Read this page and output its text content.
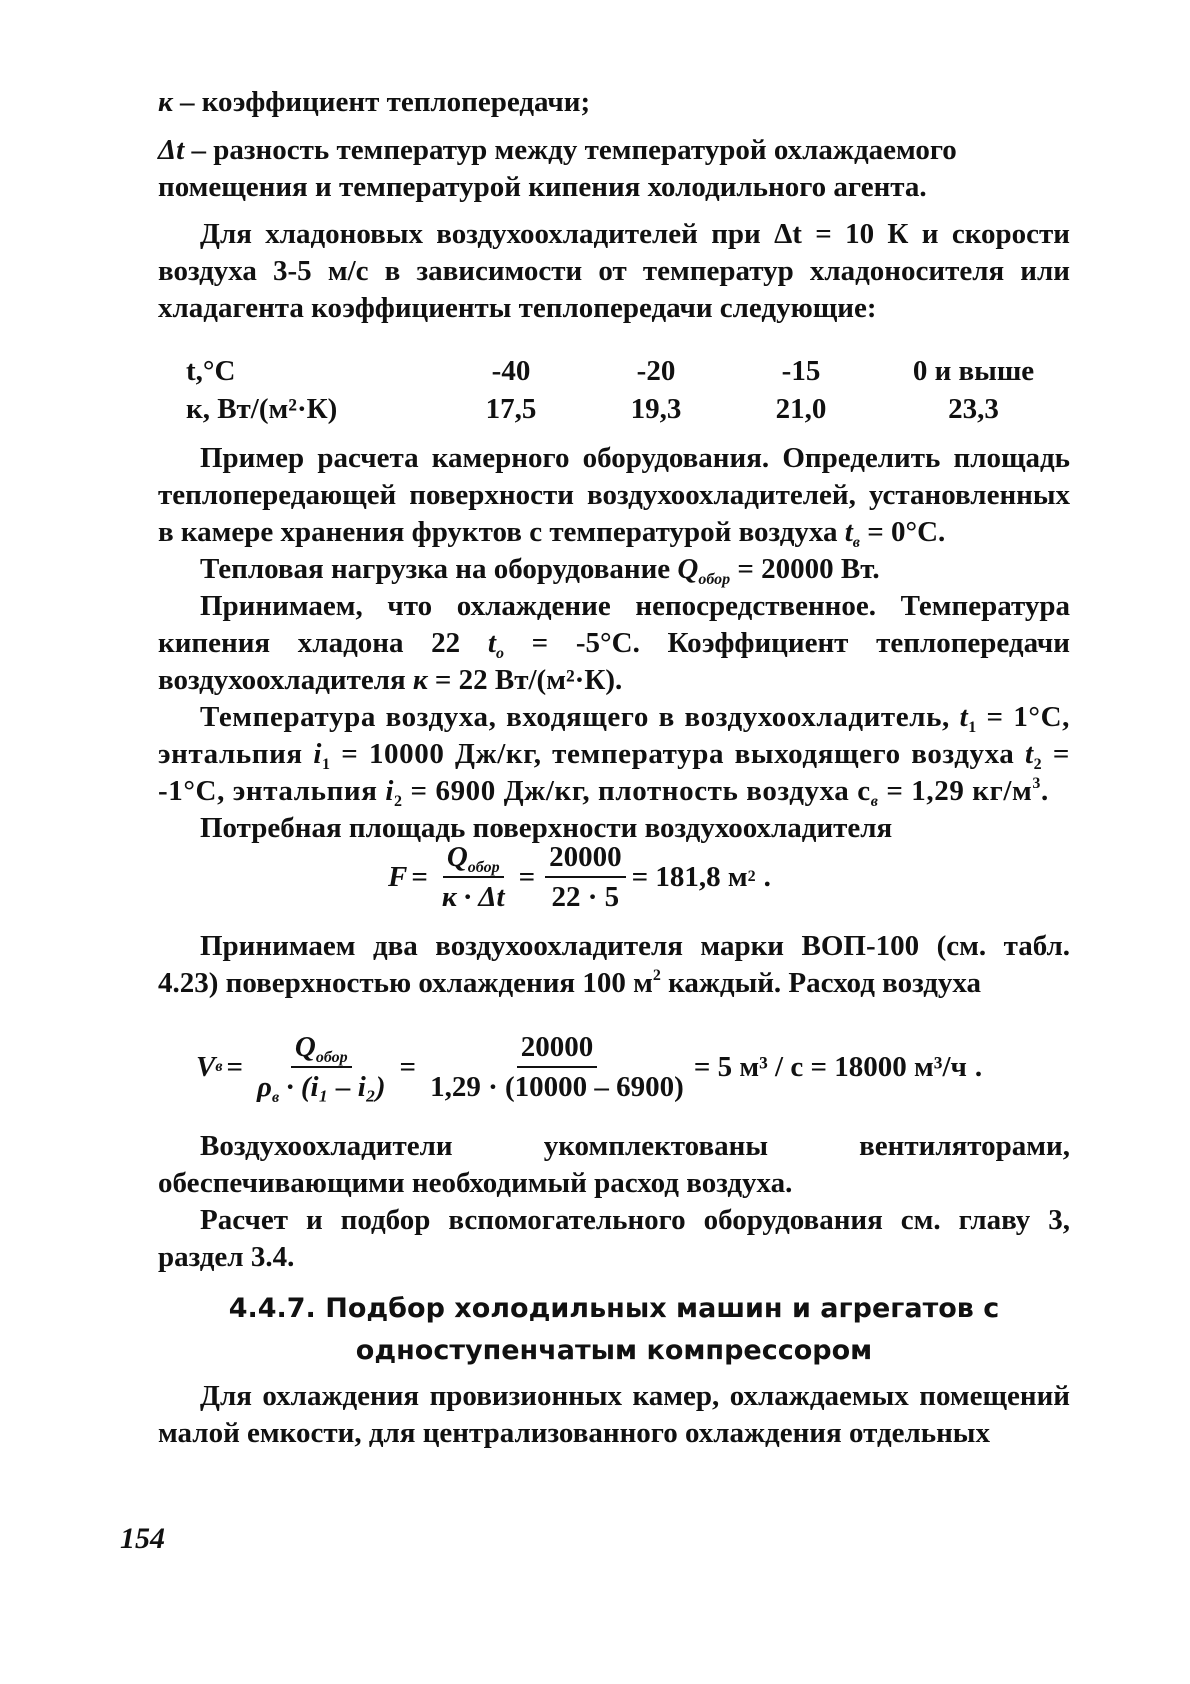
к – коэффициент теплопередачи;

Δt – разность температур между температурой охлаждаемого

помещения и температурой кипения холодильного агента.

Для хладоновых воздухоохладителей при Δt = 10 К и скорости воздуха 3-5 м/с в зависимости от температур хладоносителя или хладагента коэффициенты теплопередачи следующие:

t,°C	-40	-20	-15	0 и выше
к, Вт/(м²·К)	17,5	19,3	21,0	23,3

Пример расчета камерного оборудования. Определить площадь теплопередающей поверхности воздухоохладителей, установленных в камере хранения фруктов с температурой воздуха $t_в = 0^\circ С$.

Тепловая нагрузка на оборудование $Q_{обор} = 20000$ Вт.

Принимаем, что охлаждение непосредственное. Температура кипения хладона 22 $t_o = -5^\circ С$. Коэффициент теплопередачи воздухоохладителя к = 22 Вт/(м²·К).

Температура воздуха, входящего в воздухоохладитель, $t_1 = 1^\circ С$, энтальпия $i_1 = 10000$ Дж/кг, температура выходящего воздуха $t_2 = -1^\circ С$, энтальпия $i_2 = 6900$ Дж/кг, плотность воздуха $с_в = 1,29$ $кг/м^3$.

Потребная площадь поверхности воздухоохладителя

$F = \frac{Q_{обор}}{к \cdot \Delta t} = \frac{20000}{22 \cdot 5} = 181,8$ м 2 .

Принимаем два воздухоохладителя марки ВОП-100 (см. табл. 4.23) поверхностью охлаждения 100 $м^2$ каждый. Расход воздуха

V $в = \frac{Q_{обор}}{\rho_в \cdot (i_1 - i_2)} = \frac{20000}{1,29 \cdot (10000 - 6900)} = 5$ м³ / с = 18000 м³/ч .

Воздухоохладители укомплектованы вентиляторами, обеспечивающими необходимый расход воздуха.

Расчет и подбор вспомогательного оборудования см. главу 3, раздел 3.4.

4.4.7. Подбор холодильных машин и агрегатов с
одноступенчатым компрессором

Для охлаждения провизионных камер, охлаждаемых помещений малой емкости, для централизованного охлаждения отдельных

154
